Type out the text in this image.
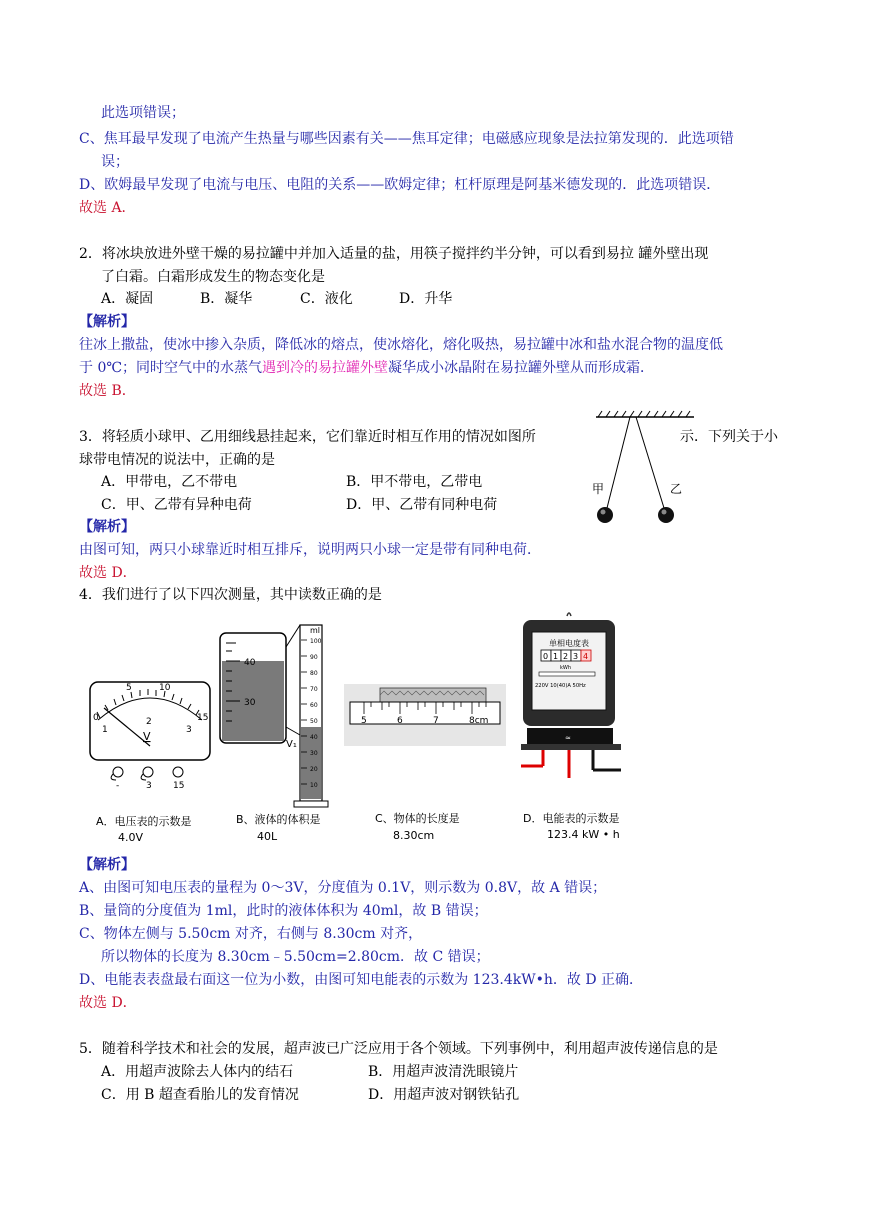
此选项错误；
C、焦耳最早发现了电流产生热量与哪些因素有关——焦耳定律；电磁感应现象是法拉第发现的．此选项错
误；
D、欧姆最早发现了电流与电压、电阻的关系——欧姆定律；杠杆原理是阿基米德发现的．此选项错误．
故选 A．
2．将冰块放进外壁干燥的易拉罐中并加入适量的盐，用筷子搅拌约半分钟，可以看到易拉 罐外壁出现
了白霜。白霜形成发生的物态变化是
A．凝固	B．凝华	C．液化	D．升华
【解析】
往冰上撒盐，使冰中掺入杂质，降低冰的熔点，使冰熔化，熔化吸热，易拉罐中冰和盐水混合物的温度低
于 0℃；同时空气中的水蒸气遇到冷的易拉罐外壁凝华成小冰晶附在易拉罐外壁从而形成霜．
故选 B．
3．将轻质小球甲、乙用细线悬挂起来，它们靠近时相互作用的情况如图所	示．下列关于小
球带电情况的说法中，正确的是
A．甲带电，乙不带电	B．甲不带电，乙带电
C．甲、乙带有异种电荷	D．甲、乙带有同种电荷
甲	乙
【解析】
由图可知，两只小球靠近时相互排斥，说明两只小球一定是带有同种电荷．
故选 D．
4．我们进行了以下四次测量，其中读数正确的是
0
5	10
15
1
2
3
V
-	3 15
40
30
ml
100
90
80
70
60
50
40
30
20
10
V₁
5	6	7	8cm
单相电度表
0 1 2 3 4
kWh
220V 10(40)A 50Hz
≈
A．电压表的示数是
4.0V
B、液体的体积是
40L
C、物体的长度是
8.30cm
D．电能表的示数是
123.4 kW • h
【解析】
A、由图可知电压表的量程为 0～3V，分度值为 0.1V，则示数为 0.8V，故 A 错误；
B、量筒的分度值为 1ml，此时的液体体积为 40ml，故 B 错误；
C、物体左侧与 5.50cm 对齐，右侧与 8.30cm 对齐，
所以物体的长度为 8.30cm﹣5.50cm=2.80cm．故 C 错误；
D、电能表表盘最右面这一位为小数，由图可知电能表的示数为 123.4kW•h．故 D 正确．
故选 D．
5．随着科学技术和社会的发展，超声波已广泛应用于各个领域。下列事例中，利用超声波传递信息的是
A．用超声波除去人体内的结石	B．用超声波清洗眼镜片
C．用 B 超查看胎儿的发育情况	D．用超声波对钢铁钻孔
